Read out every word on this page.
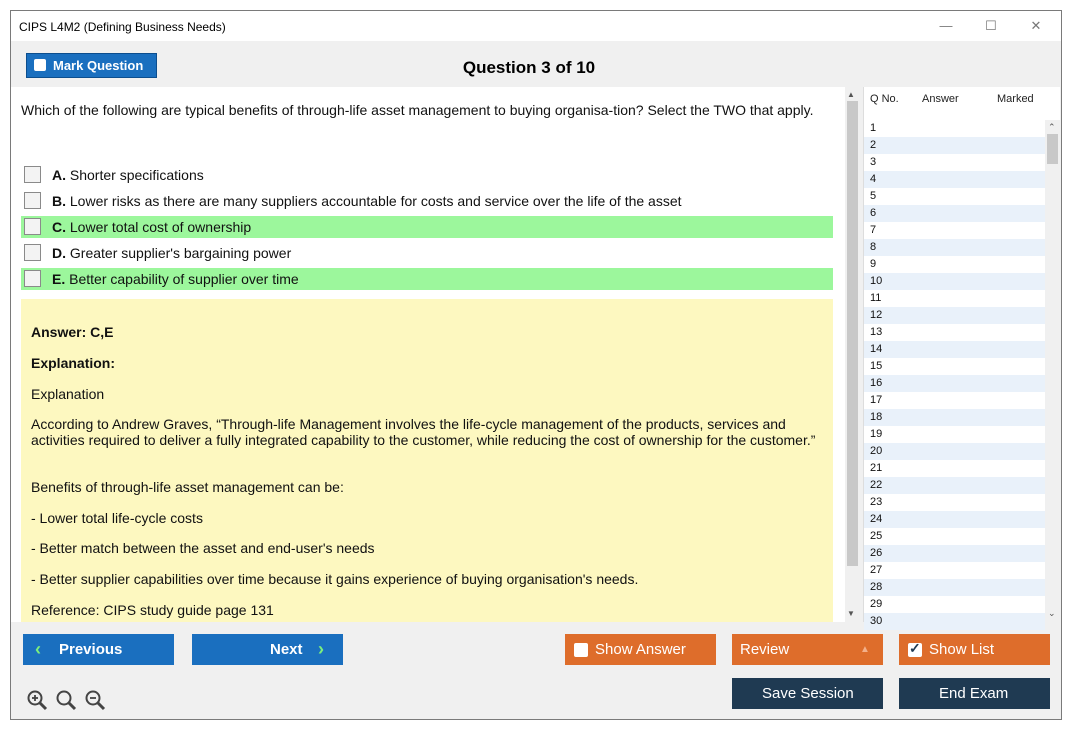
CIPS L4M2 (Defining Business Needs)	—	☐	✕
Mark Question	Question 3 of 10
Which of the following are typical benefits of through-life asset management to buying organisa-tion? Select the TWO that apply.
A. Shorter specifications
B. Lower risks as there are many suppliers accountable for costs and service over the life of the asset
C. Lower total cost of ownership
D. Greater supplier's bargaining power
E. Better capability of supplier over time

Answer: C,E

Explanation:

Explanation

According to Andrew Graves, “Through-life Management involves the life-cycle management of the products, services and activities required to deliver a fully integrated capability to the customer, while reducing the cost of ownership for the customer.”

Benefits of through-life asset management can be:

- Lower total life-cycle costs

- Better match between the asset and end-user's needs

- Better supplier capabilities over time because it gains experience of buying organisation's needs.

Reference: CIPS study guide page 131

▲
▼
Q No. Answer	Marked
1
2
3
4
5
6
7
8
9
10
11
12
13
14
15
16
17
18
19
20
21
22
23
24
25
26
27
28
29
30
⌃
⌄
‹ Previous	Next ›	Show Answer	Review	▲
✓	Show List
Save Session	End Exam
